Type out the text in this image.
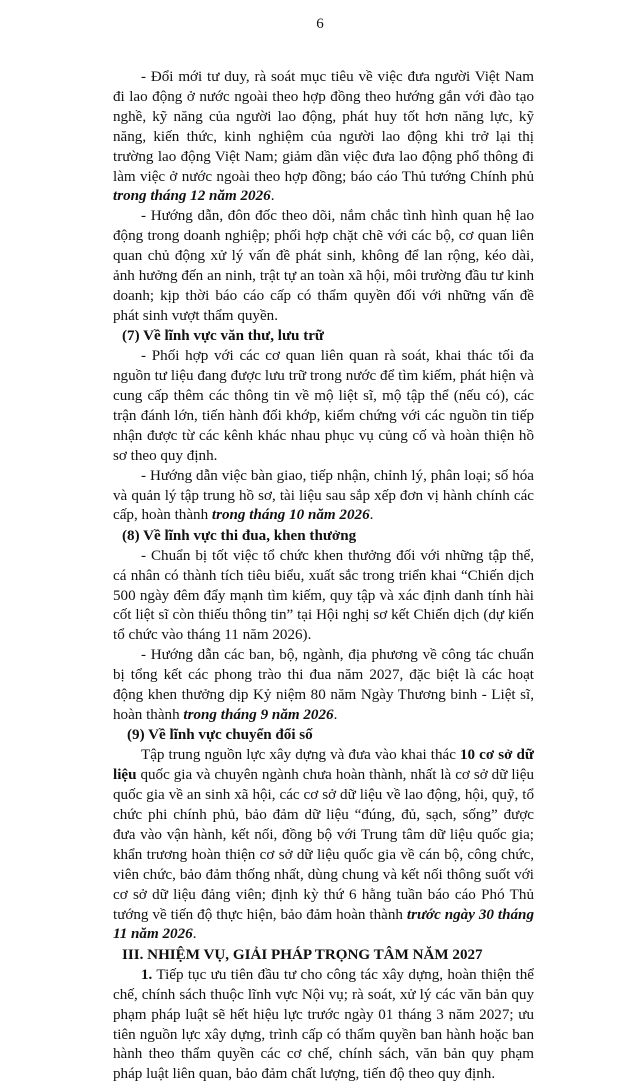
6

- Đổi mới tư duy, rà soát mục tiêu về việc đưa người Việt Nam đi lao động ở nước ngoài theo hợp đồng theo hướng gắn với đào tạo nghề, kỹ năng của người lao động, phát huy tốt hơn năng lực, kỹ năng, kiến thức, kinh nghiệm của người lao động khi trở lại thị trường lao động Việt Nam; giảm dần việc đưa lao động phổ thông đi làm việc ở nước ngoài theo hợp đồng; báo cáo Thủ tướng Chính phủ trong tháng 12 năm 2026.

- Hướng dẫn, đôn đốc theo dõi, nắm chắc tình hình quan hệ lao động trong doanh nghiệp; phối hợp chặt chẽ với các bộ, cơ quan liên quan chủ động xử lý vấn đề phát sinh, không để lan rộng, kéo dài, ảnh hưởng đến an ninh, trật tự an toàn xã hội, môi trường đầu tư kinh doanh; kịp thời báo cáo cấp có thẩm quyền đối với những vấn đề phát sinh vượt thẩm quyền.

(7) Về lĩnh vực văn thư, lưu trữ

- Phối hợp với các cơ quan liên quan rà soát, khai thác tối đa nguồn tư liệu đang được lưu trữ trong nước để tìm kiếm, phát hiện và cung cấp thêm các thông tin về mộ liệt sĩ, mộ tập thể (nếu có), các trận đánh lớn, tiến hành đối khớp, kiểm chứng với các nguồn tin tiếp nhận được từ các kênh khác nhau phục vụ củng cố và hoàn thiện hồ sơ theo quy định.

- Hướng dẫn việc bàn giao, tiếp nhận, chỉnh lý, phân loại; số hóa và quản lý tập trung hồ sơ, tài liệu sau sắp xếp đơn vị hành chính các cấp, hoàn thành trong tháng 10 năm 2026.

(8) Về lĩnh vực thi đua, khen thưởng

- Chuẩn bị tốt việc tổ chức khen thưởng đối với những tập thể, cá nhân có thành tích tiêu biểu, xuất sắc trong triển khai “Chiến dịch 500 ngày đêm đẩy mạnh tìm kiếm, quy tập và xác định danh tính hài cốt liệt sĩ còn thiếu thông tin” tại Hội nghị sơ kết Chiến dịch (dự kiến tổ chức vào tháng 11 năm 2026).

- Hướng dẫn các ban, bộ, ngành, địa phương về công tác chuẩn bị tổng kết các phong trào thi đua năm 2027, đặc biệt là các hoạt động khen thưởng dịp Kỷ niệm 80 năm Ngày Thương binh - Liệt sĩ, hoàn thành trong tháng 9 năm 2026.

(9) Về lĩnh vực chuyển đổi số

Tập trung nguồn lực xây dựng và đưa vào khai thác 10 cơ sở dữ liệu quốc gia và chuyên ngành chưa hoàn thành, nhất là cơ sở dữ liệu quốc gia về an sinh xã hội, các cơ sở dữ liệu về lao động, hội, quỹ, tổ chức phi chính phủ, bảo đảm dữ liệu “đúng, đủ, sạch, sống” được đưa vào vận hành, kết nối, đồng bộ với Trung tâm dữ liệu quốc gia; khẩn trương hoàn thiện cơ sở dữ liệu quốc gia về cán bộ, công chức, viên chức, bảo đảm thống nhất, dùng chung và kết nối thông suốt với cơ sở dữ liệu đảng viên; định kỳ thứ 6 hằng tuần báo cáo Phó Thủ tướng về tiến độ thực hiện, bảo đảm hoàn thành trước ngày 30 tháng 11 năm 2026.

III. NHIỆM VỤ, GIẢI PHÁP TRỌNG TÂM NĂM 2027

1. Tiếp tục ưu tiên đầu tư cho công tác xây dựng, hoàn thiện thể chế, chính sách thuộc lĩnh vực Nội vụ; rà soát, xử lý các văn bản quy phạm pháp luật sẽ hết hiệu lực trước ngày 01 tháng 3 năm 2027; ưu tiên nguồn lực xây dựng, trình cấp có thẩm quyền ban hành hoặc ban hành theo thẩm quyền các cơ chế, chính sách, văn bản quy phạm pháp luật liên quan, bảo đảm chất lượng, tiến độ theo quy định.
